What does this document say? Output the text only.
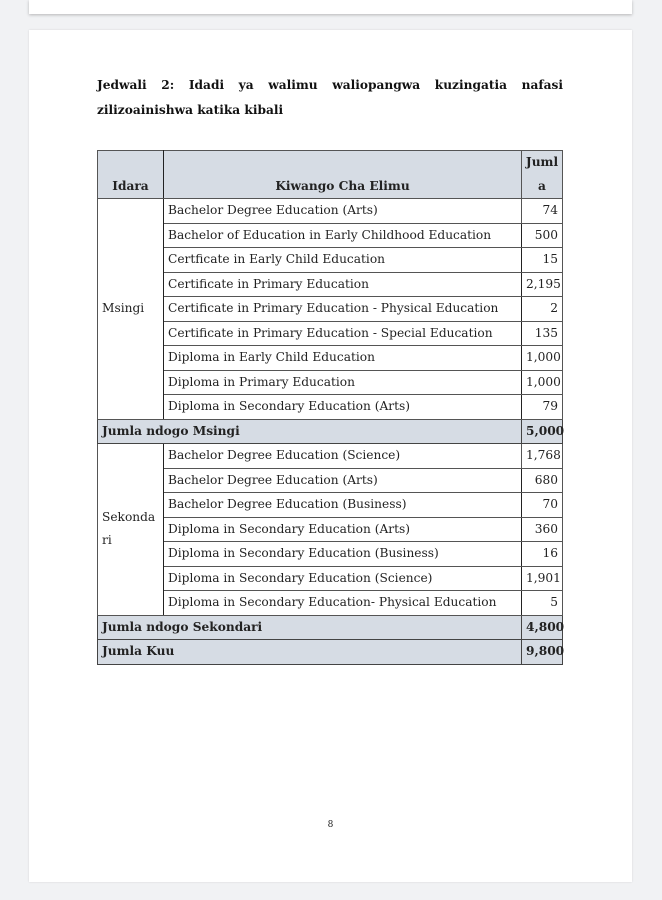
Jedwali 2: Idadi ya walimu waliopangwa kuzingatia nafasi zilizoainishwa katika kibali
Idara	Kiwango Cha Elimu	Juml a
Msingi	Bachelor Degree Education (Arts)	74
	Bachelor of Education in Early Childhood Education	500
	Certficate in Early Child Education	15
	Certificate in Primary Education	2,195
	Certificate in Primary Education - Physical Education	2
	Certificate in Primary Education - Special Education	135
	Diploma in Early Child Education	1,000
	Diploma in Primary Education	1,000
	Diploma in Secondary Education (Arts)	79
Jumla ndogo Msingi		5,000
Sekondari	Bachelor Degree Education (Science)	1,768
	Bachelor Degree Education (Arts)	680
	Bachelor Degree Education (Business)	70
	Diploma in Secondary Education (Arts)	360
	Diploma in Secondary Education (Business)	16
	Diploma in Secondary Education (Science)	1,901
	Diploma in Secondary Education- Physical Education	5
Jumla ndogo Sekondari		4,800
Jumla Kuu		9,800
8
